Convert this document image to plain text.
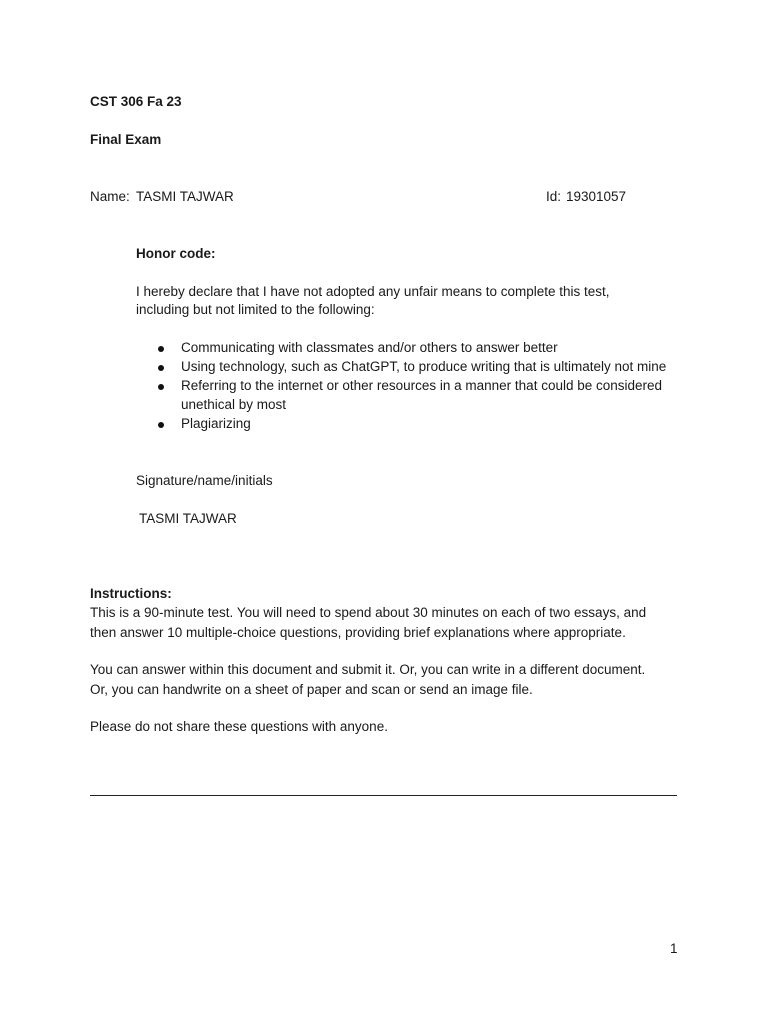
CST 306 Fa 23
Final Exam
Name: TASMI TAJWAR	Id: 19301057
Honor code:
I hereby declare that I have not adopted any unfair means to complete this test,
including but not limited to the following:
Communicating with classmates and/or others to answer better
Using technology, such as ChatGPT, to produce writing that is ultimately not mine
Referring to the internet or other resources in a manner that could be considered
unethical by most
Plagiarizing
Signature/name/initials
TASMI TAJWAR
Instructions:
This is a 90-minute test. You will need to spend about 30 minutes on each of two essays, and
then answer 10 multiple-choice questions, providing brief explanations where appropriate.
You can answer within this document and submit it. Or, you can write in a different document.
Or, you can handwrite on a sheet of paper and scan or send an image file.
Please do not share these questions with anyone.
1
